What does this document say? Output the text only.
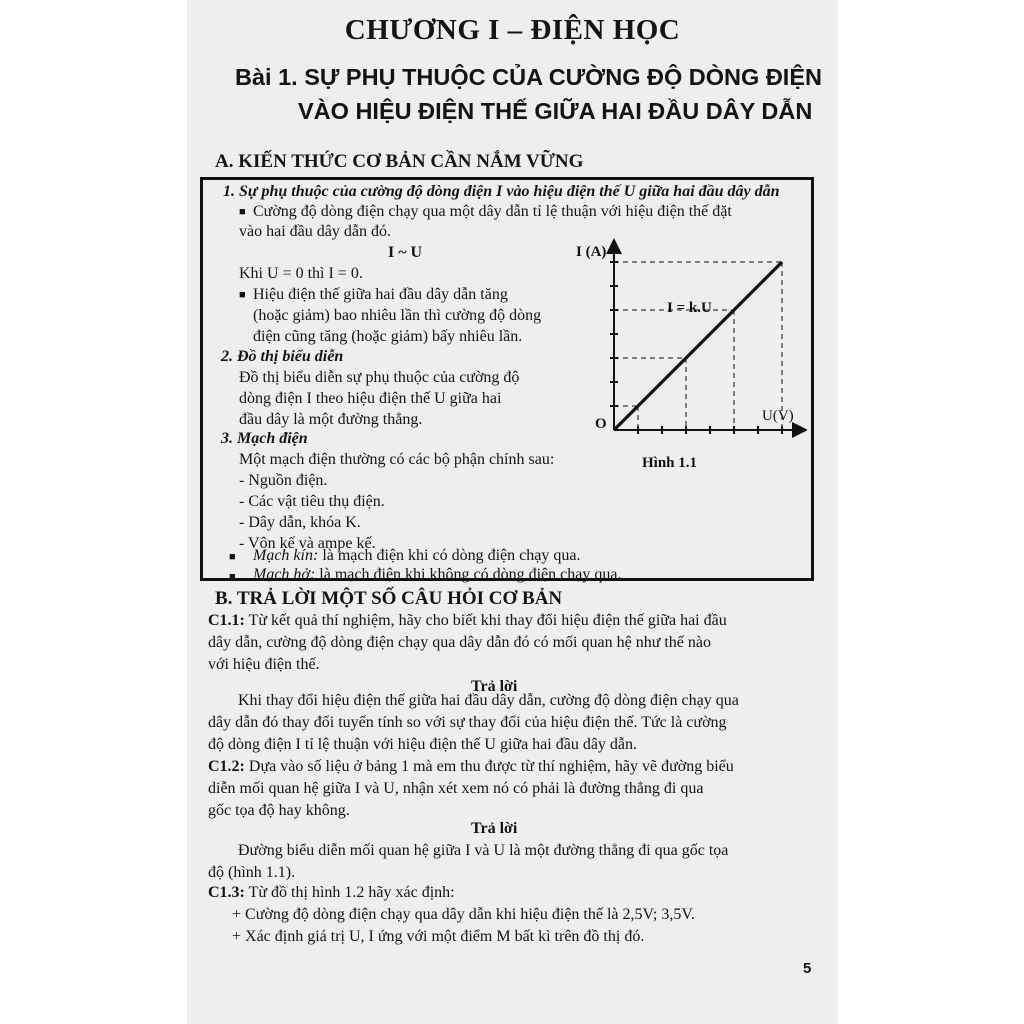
CHƯƠNG I – ĐIỆN HỌC
Bài 1. SỰ PHỤ THUỘC CỦA CƯỜNG ĐỘ DÒNG ĐIỆN
VÀO HIỆU ĐIỆN THẾ GIỮA HAI ĐẦU DÂY DẪN
A. KIẾN THỨC CƠ BẢN CẦN NẮM VỮNG
1. Sự phụ thuộc của cường độ dòng điện I vào hiệu điện thế U giữa hai đầu dây dẫn
■ Cường độ dòng điện chạy qua một dây dẫn tỉ lệ thuận với hiệu điện thế đặt
vào hai đầu dây dẫn đó.
I ~ U
Khi U = 0 thì I = 0.
■ Hiệu điện thế giữa hai đầu dây dẫn tăng
(hoặc giảm) bao nhiêu lần thì cường độ dòng
điện cũng tăng (hoặc giảm) bấy nhiêu lần.
2. Đồ thị biểu diễn
Đồ thị biểu diễn sự phụ thuộc của cường độ
dòng điện I theo hiệu điện thế U giữa hai
đầu dây là một đường thẳng.
3. Mạch điện
Một mạch điện thường có các bộ phận chính sau:
- Nguồn điện.
- Các vật tiêu thụ điện.
- Dây dẫn, khóa K.
- Vôn kế và ampe kế.
■ Mạch kín: là mạch điện khi có dòng điện chạy qua.
■ Mạch hở: là mạch điện khi không có dòng điện chạy qua.
I (A)
U(V)
O
I = k.U
Hình 1.1
B. TRẢ LỜI MỘT SỐ CÂU HỎI CƠ BẢN
C1.1: Từ kết quả thí nghiệm, hãy cho biết khi thay đổi hiệu điện thế giữa hai đầu
dây dẫn, cường độ dòng điện chạy qua dây dẫn đó có mối quan hệ như thế nào
với hiệu điện thế.
Trả lời
Khi thay đổi hiệu điện thế giữa hai đầu dây dẫn, cường độ dòng điện chạy qua
dây dẫn đó thay đổi tuyến tính so với sự thay đổi của hiệu điện thế. Tức là cường
độ dòng điện I tỉ lệ thuận với hiệu điện thế U giữa hai đầu dây dẫn.
C1.2: Dựa vào số liệu ở bảng 1 mà em thu được từ thí nghiệm, hãy vẽ đường biểu
diễn mối quan hệ giữa I và U, nhận xét xem nó có phải là đường thẳng đi qua
gốc tọa độ hay không.
Trả lời
Đường biểu diễn mối quan hệ giữa I và U là một đường thẳng đi qua gốc tọa
độ (hình 1.1).
C1.3: Từ đồ thị hình 1.2 hãy xác định:
+ Cường độ dòng điện chạy qua dây dẫn khi hiệu điện thế là 2,5V; 3,5V.
+ Xác định giá trị U, I ứng với một điểm M bất kì trên đồ thị đó.
5
